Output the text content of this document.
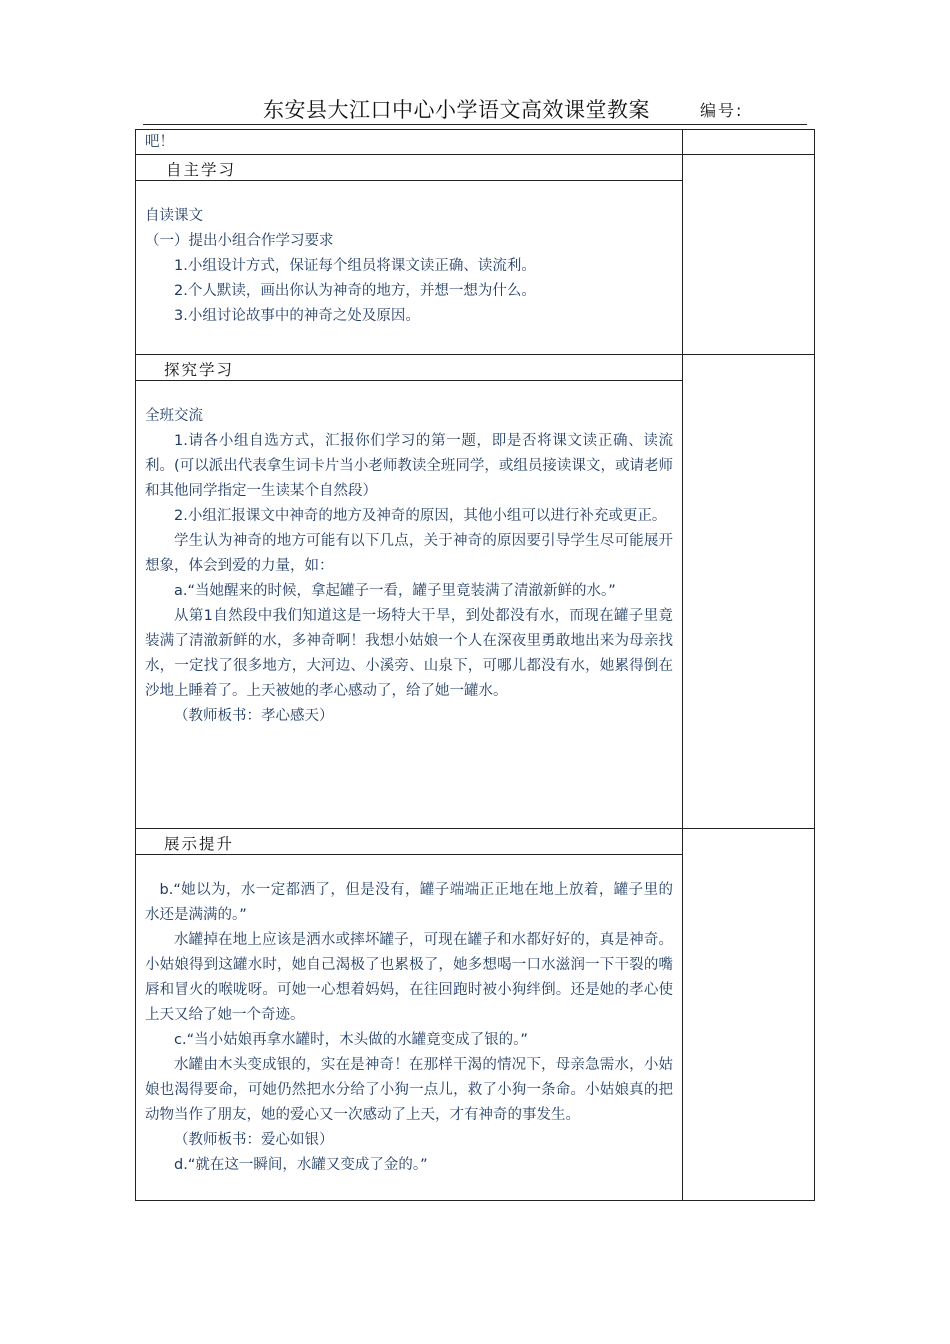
东安县大江口中心小学语文高效课堂教案	编号:
吧！
自主学习

自读课文

（一）提出小组合作学习要求

1.小组设计方式，保证每个组员将课文读正确、读流利。

2.个人默读，画出你认为神奇的地方，并想一想为什么。

3.小组讨论故事中的神奇之处及原因。

探究学习

全班交流

1.请各小组自选方式，汇报你们学习的第一题，即是否将课文读正确、读流利。(可以派出代表拿生词卡片当小老师教读全班同学，或组员接读课文，或请老师和其他同学指定一生读某个自然段）

2.小组汇报课文中神奇的地方及神奇的原因，其他小组可以进行补充或更正。

学生认为神奇的地方可能有以下几点，关于神奇的原因要引导学生尽可能展开想象，体会到爱的力量，如：

a.“当她醒来的时候，拿起罐子一看，罐子里竟装满了清澈新鲜的水。”

从第1自然段中我们知道这是一场特大干旱，到处都没有水，而现在罐子里竟装满了清澈新鲜的水，多神奇啊！我想小姑娘一个人在深夜里勇敢地出来为母亲找水，一定找了很多地方，大河边、小溪旁、山泉下，可哪儿都没有水，她累得倒在沙地上睡着了。上天被她的孝心感动了，给了她一罐水。

（教师板书：孝心感天）

展示提升

b.“她以为，水一定都洒了，但是没有，罐子端端正正地在地上放着，罐子里的水还是满满的。”

水罐掉在地上应该是洒水或摔坏罐子，可现在罐子和水都好好的，真是神奇。小姑娘得到这罐水时，她自己渴极了也累极了，她多想喝一口水滋润一下干裂的嘴唇和冒火的喉咙呀。可她一心想着妈妈，在往回跑时被小狗绊倒。还是她的孝心使上天又给了她一个奇迹。

c.“当小姑娘再拿水罐时，木头做的水罐竟变成了银的。”

水罐由木头变成银的，实在是神奇！在那样干渴的情况下，母亲急需水，小姑娘也渴得要命，可她仍然把水分给了小狗一点儿，救了小狗一条命。小姑娘真的把动物当作了朋友，她的爱心又一次感动了上天，才有神奇的事发生。

（教师板书：爱心如银）

d.“就在这一瞬间，水罐又变成了金的。”
